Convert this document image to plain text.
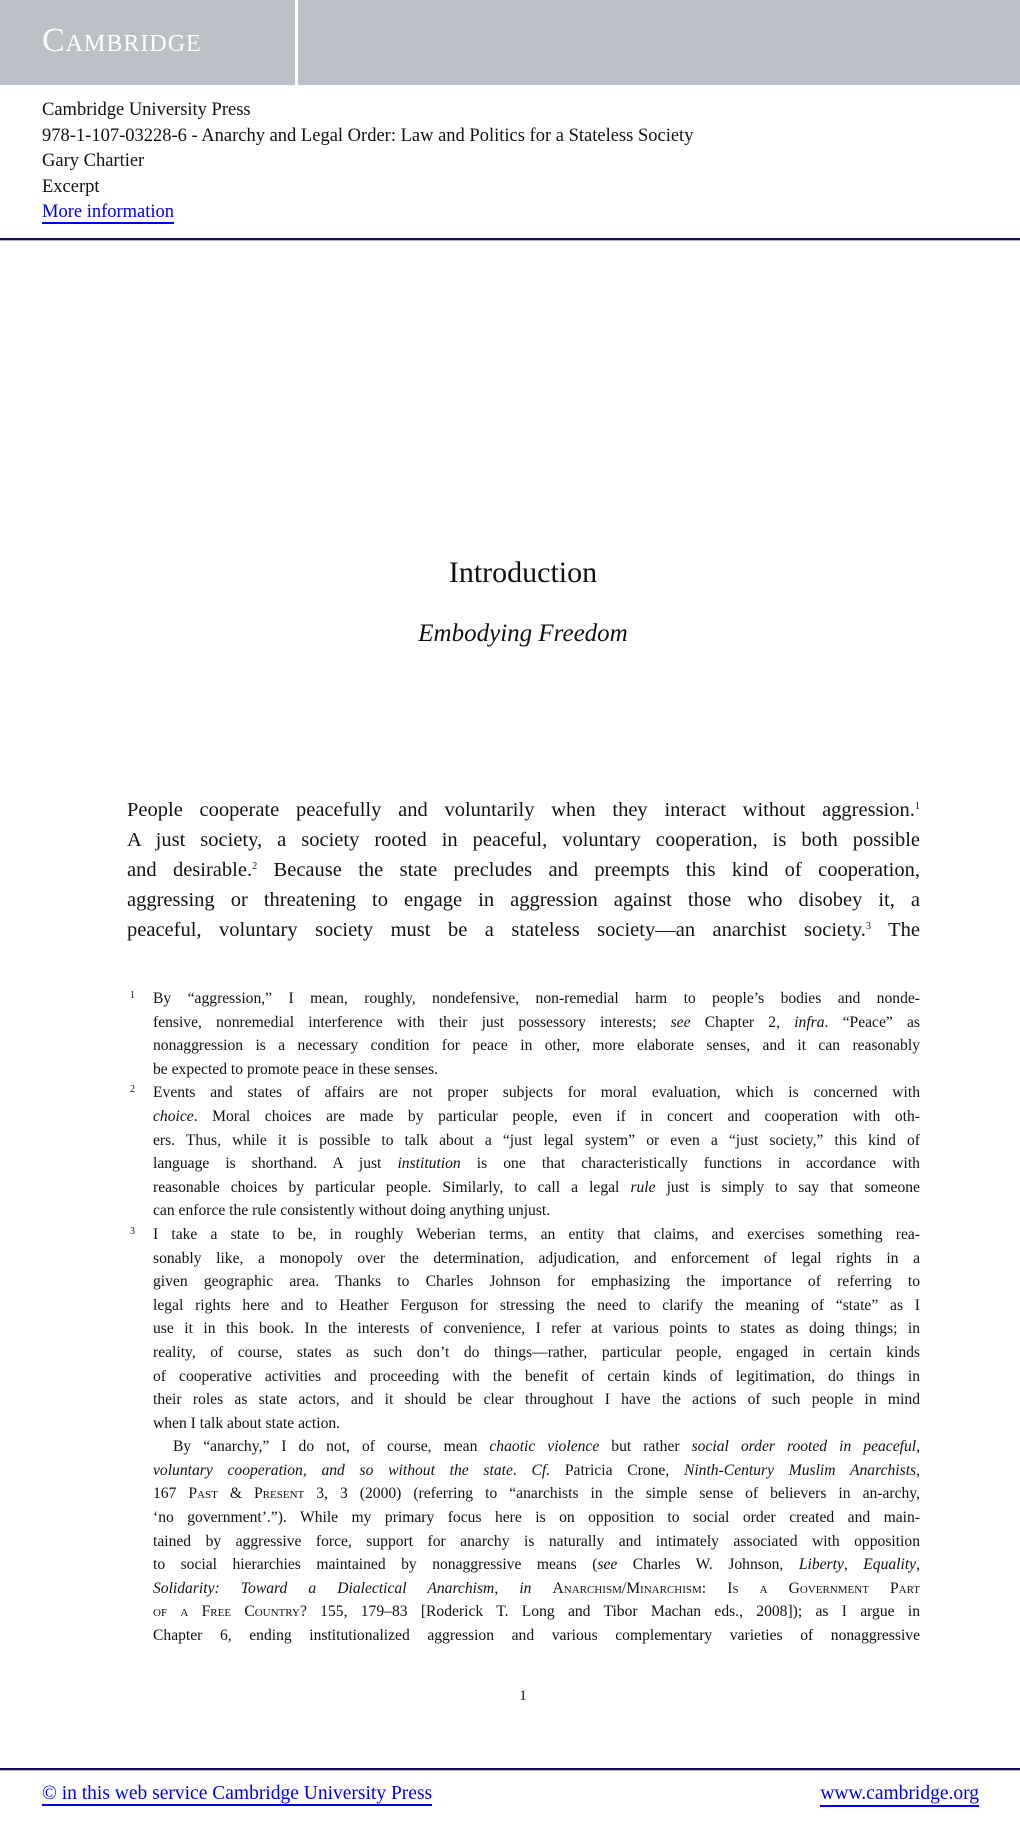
Cambridge
Cambridge University Press
978-1-107-03228-6 - Anarchy and Legal Order: Law and Politics for a Stateless Society
Gary Chartier
Excerpt
More information
Introduction
Embodying Freedom
People cooperate peacefully and voluntarily when they interact without aggression.$^1$
A just society, a society rooted in peaceful, voluntary cooperation, is both possible
and desirable.$^2$ Because the state precludes and preempts this kind of cooperation,
aggressing or threatening to engage in aggression against those who disobey it, a
peaceful, voluntary society must be a stateless society—an anarchist society.$^3$ The
1 By “aggression,” I mean, roughly, nondefensive, non-remedial harm to people’s bodies and nonde-
fensive, nonremedial interference with their just possessory interests; see Chapter 2, infra. “Peace” as
nonaggression is a necessary condition for peace in other, more elaborate senses, and it can reasonably
be expected to promote peace in these senses.
2 Events and states of affairs are not proper subjects for moral evaluation, which is concerned with
choice. Moral choices are made by particular people, even if in concert and cooperation with oth-
ers. Thus, while it is possible to talk about a “just legal system” or even a “just society,” this kind of
language is shorthand. A just institution is one that characteristically functions in accordance with
reasonable choices by particular people. Similarly, to call a legal rule just is simply to say that someone
can enforce the rule consistently without doing anything unjust.
3 I take a state to be, in roughly Weberian terms, an entity that claims, and exercises something rea-
sonably like, a monopoly over the determination, adjudication, and enforcement of legal rights in a
given geographic area. Thanks to Charles Johnson for emphasizing the importance of referring to
legal rights here and to Heather Ferguson for stressing the need to clarify the meaning of “state” as I
use it in this book. In the interests of convenience, I refer at various points to states as doing things; in
reality, of course, states as such don’t do things—rather, particular people, engaged in certain kinds
of cooperative activities and proceeding with the benefit of certain kinds of legitimation, do things in
their roles as state actors, and it should be clear throughout I have the actions of such people in mind
when I talk about state action.
By “anarchy,” I do not, of course, mean chaotic violence but rather social order rooted in peaceful,
voluntary cooperation, and so without the state. Cf. Patricia Crone, Ninth-Century Muslim Anarchists,
167 Past & Present 3, 3 (2000) (referring to “anarchists in the simple sense of believers in an-archy,
‘no government’.”). While my primary focus here is on opposition to social order created and main-
tained by aggressive force, support for anarchy is naturally and intimately associated with opposition
to social hierarchies maintained by nonaggressive means (see Charles W. Johnson, Liberty, Equality,
Solidarity: Toward a Dialectical Anarchism, in Anarchism/Minarchism: Is a Government Part
of a Free Country? 155, 179–83 [Roderick T. Long and Tibor Machan eds., 2008]); as I argue in
Chapter 6, ending institutionalized aggression and various complementary varieties of nonaggressive
1
© in this web service Cambridge University Press	www.cambridge.org
